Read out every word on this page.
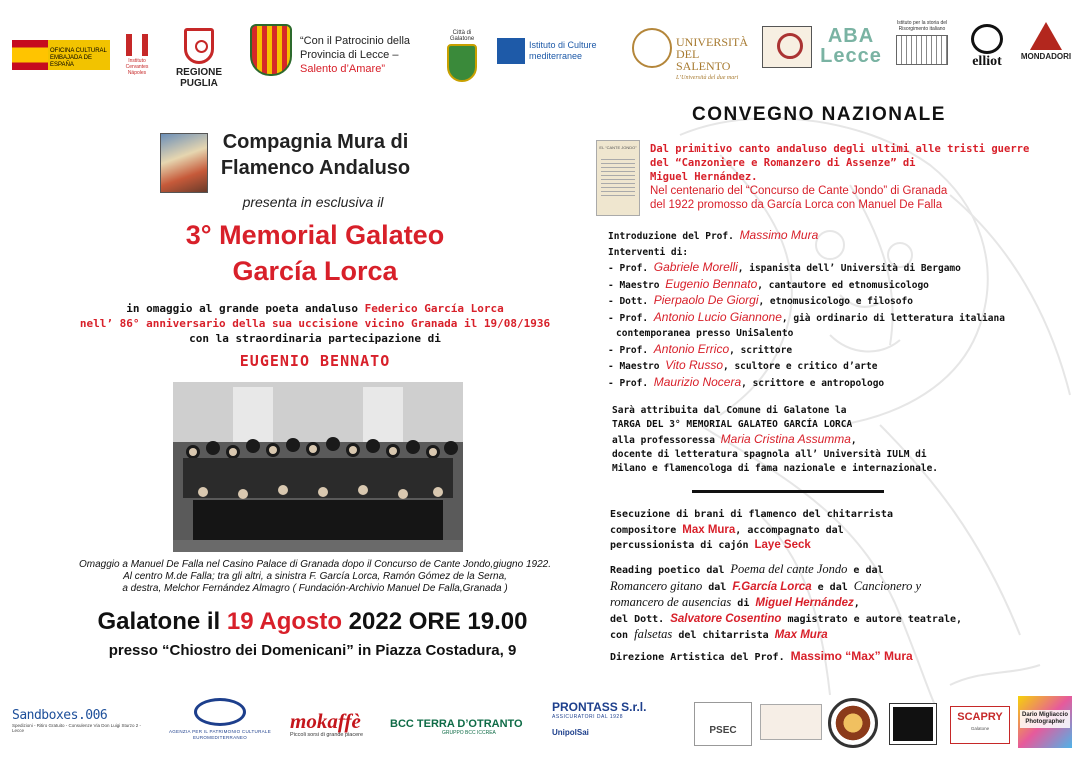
OFICINA CULTURAL EMBAJADA DE ESPAÑA
Instituto Cervantes Nápoles	REGIONE PUGLIA
“Con il Patrocinio della
Provincia di Lecce –
Salento d’Amare”
Città di Galatone
Istituto di Culture mediterranee
UNIVERSITÀ DEL SALENTO
L’Università del due mari
ABA Lecce
Istituto per la storia del Risorgimento italiano
elliot	MONDADORI
Compagnia Mura di
Flamenco Andaluso
presenta in esclusiva il
3° Memorial Galateo
García Lorca
in omaggio al grande poeta andaluso Federico García Lorca
nell’ 86° anniversario della sua uccisione vicino Granada il 19/08/1936
con la straordinaria partecipazione di
EUGENIO BENNATO
Omaggio a Manuel De Falla nel Casino Palace di Granada dopo il Concurso de Cante Jondo,giugno 1922.
Al centro M.de Falla; tra gli altri, a sinistra F. García Lorca, Ramón Gómez de la Serna,
a destra, Melchor Fernández Almagro ( Fundación-Archivio Manuel De Falla,Granada )
Galatone il 19 Agosto 2022 ORE 19.00
presso “Chiostro dei Domenicani” in Piazza Costadura, 9
CONVEGNO NAZIONALE
EL “CANTE JONDO”	Dal primitivo canto andaluso degli ultimi alle tristi guerre
del “Canzoniere e Romanzero di Assenze” di
Miguel Hernández.
Nel centenario del “Concurso de Cante Jondo” di Granada
del 1922 promosso da García Lorca con Manuel De Falla
Introduzione del Prof. Massimo Mura
Interventi di:
- Prof. Gabriele Morelli, ispanista dell’ Università di Bergamo
- Maestro Eugenio Bennato, cantautore ed etnomusicologo
- Dott. Pierpaolo De Giorgi, etnomusicologo e filosofo
- Prof. Antonio Lucio Giannone, già ordinario di letteratura italiana
contemporanea presso UniSalento
- Prof. Antonio Errico, scrittore
- Maestro Vito Russo, scultore e critico d’arte
- Prof. Maurizio Nocera, scrittore e antropologo
Sarà attribuita dal Comune di Galatone la
TARGA DEL 3° MEMORIAL GALATEO GARCÍA LORCA
alla professoressa Maria Cristina Assumma,
docente di letteratura spagnola all’ Università IULM di
Milano e flamencologa di fama nazionale e internazionale.
Esecuzione di brani di flamenco del chitarrista
compositore Max Mura, accompagnato dal
percussionista di cajón Laye Seck
Reading poetico dal Poema del cante Jondo e dal
Romancero gitano dal F.García Lorca e dal Cancionero y
romancero de ausencias di Miguel Hernández,
del Dott. Salvatore Cosentino magistrato e autore teatrale,
con falsetas del chitarrista Max Mura
Direzione Artistica del Prof. Massimo “Max” Mura
Sandboxes.006
Spedizioni - Ritiro Gratuito - Consulenze Via Don Luigi Sturzo 2 - Lecce	AGENZIA PER IL PATRIMONIO CULTURALE EUROMEDITERRANEO
mokaffè
Piccoli sorsi di grande piacere
BCC TERRA D’OTRANTO
GRUPPO BCC ICCREA
PRONTASS S.r.l.
ASSICURATORI DAL 1928
UnipolSai	PSEC
SCAPRY
Galatone
Dario Migliaccio
Photographer
